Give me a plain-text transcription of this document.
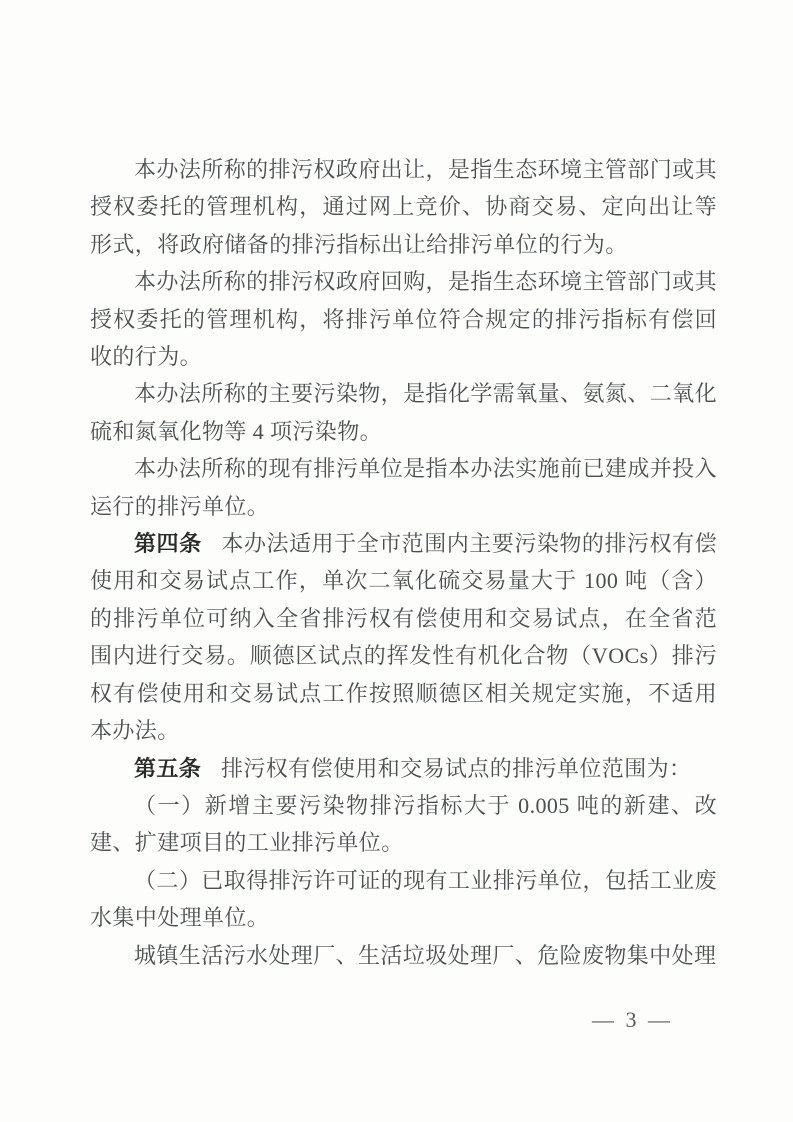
本办法所称的排污权政府出让，是指生态环境主管部门或其授权委托的管理机构，通过网上竞价、协商交易、定向出让等形式，将政府储备的排污指标出让给排污单位的行为。

本办法所称的排污权政府回购，是指生态环境主管部门或其授权委托的管理机构，将排污单位符合规定的排污指标有偿回收的行为。

本办法所称的主要污染物，是指化学需氧量、氨氮、二氧化硫和氮氧化物等 4 项污染物。

本办法所称的现有排污单位是指本办法实施前已建成并投入运行的排污单位。

第四条 本办法适用于全市范围内主要污染物的排污权有偿使用和交易试点工作，单次二氧化硫交易量大于 100 吨（含）的排污单位可纳入全省排污权有偿使用和交易试点，在全省范围内进行交易。顺德区试点的挥发性有机化合物（VOCs）排污权有偿使用和交易试点工作按照顺德区相关规定实施，不适用本办法。

第五条 排污权有偿使用和交易试点的排污单位范围为：

（一）新增主要污染物排污指标大于 0.005 吨的新建、改建、扩建项目的工业排污单位。

（二）已取得排污许可证的现有工业排污单位，包括工业废水集中处理单位。

城镇生活污水处理厂、生活垃圾处理厂、危险废物集中处理

— 3 —
